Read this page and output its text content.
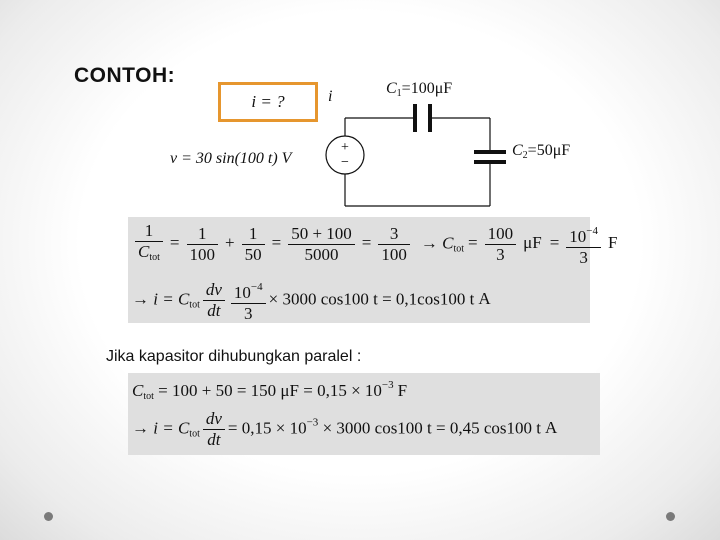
CONTOH:
+
−
i = ?
v = 30 sin(100 t) V
i	$C_1=100\mu F$
$C_2=50\mu F$
$\frac{1}{C_{tot}} = \frac{1}{100} + \frac{1}{50} = \frac{50 + 100}{5000} = \frac{3}{100} \to C_{tot} = \frac{100}{3}$ $\mu F = \frac{10^{-4}}{3}$ F
→ $i = C_{tot} \frac{dv}{dt} \frac{10^{-4}}{3} \times 3000$ cos100 t = 0,1cos100 t A
Jika kapasitor dihubungkan paralel :
$C_{tot} = 100 + 50 = 150$ $\mu F = 0,15 \times 10^{-3}$ F
→ $i = C_{tot} \frac{dv}{dt} = 0,15 \times 10^{-3} \times 3000$ cos100 t = 0,45 cos100 t A
